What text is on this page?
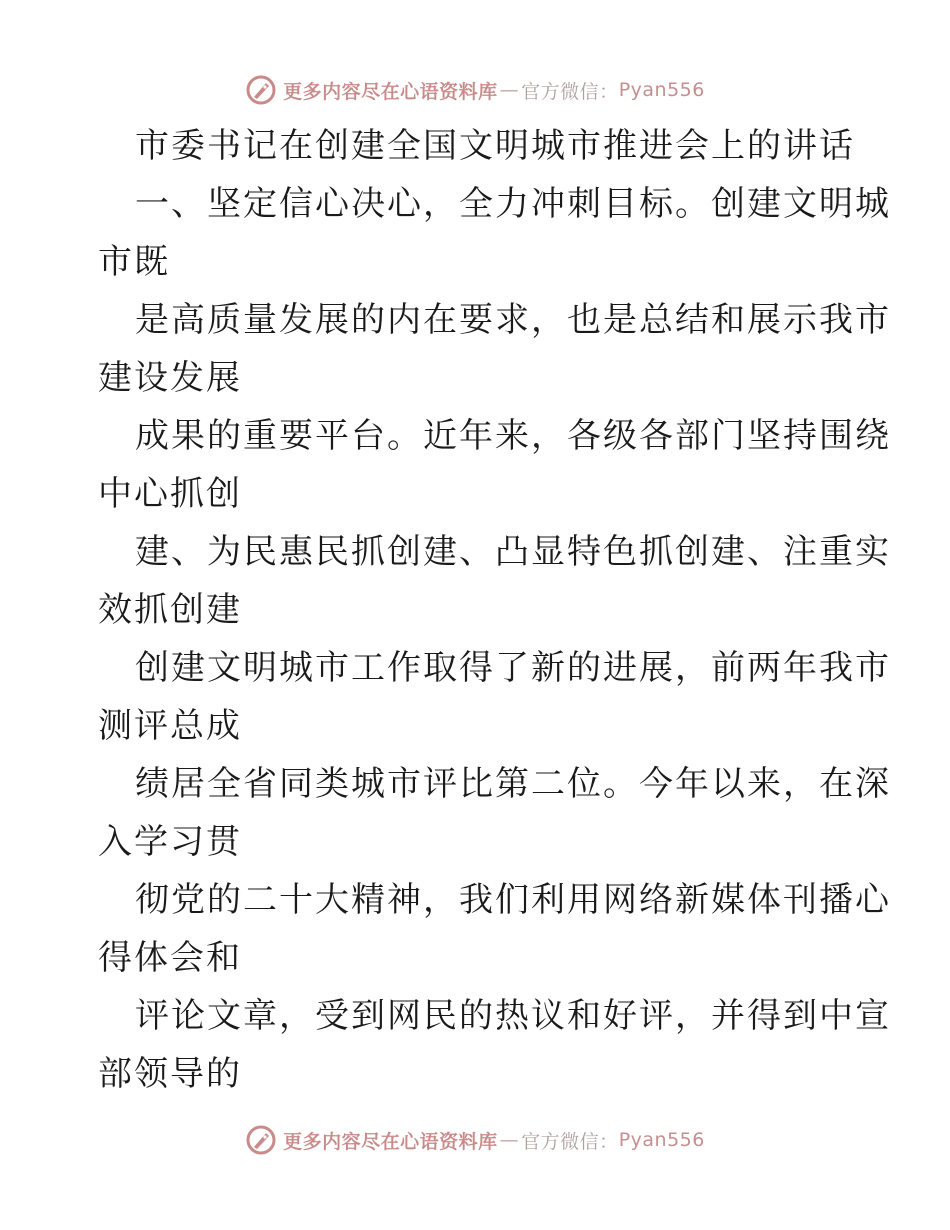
更多内容尽在心语资料库 — 官方微信： Pyan556
市委书记在创建全国文明城市推进会上的讲话
一、坚定信心决心，全力冲刺目标。创建文明城
市既
是高质量发展的内在要求，也是总结和展示我市
建设发展
成果的重要平台。近年来，各级各部门坚持围绕
中心抓创
建、为民惠民抓创建、凸显特色抓创建、注重实
效抓创建
创建文明城市工作取得了新的进展，前两年我市
测评总成
绩居全省同类城市评比第二位。今年以来，在深
入学习贯
彻党的二十大精神，我们利用网络新媒体刊播心
得体会和
评论文章，受到网民的热议和好评，并得到中宣
部领导的
更多内容尽在心语资料库 — 官方微信： Pyan556
